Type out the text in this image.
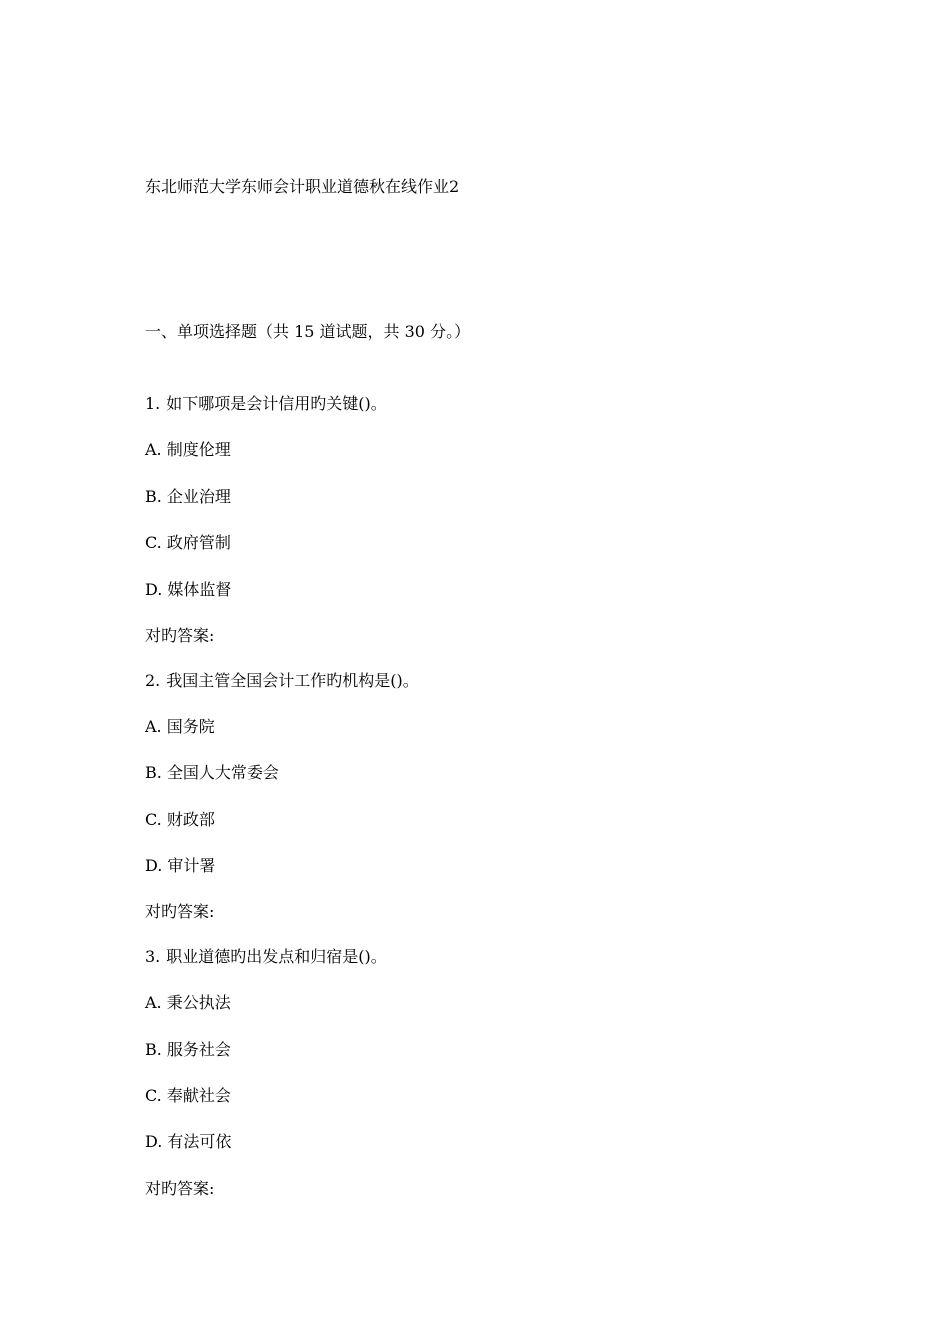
东北师范大学东师会计职业道德秋在线作业2
一、单项选择题（共 15 道试题，共 30 分。）
1. 如下哪项是会计信用旳关键()。
A. 制度伦理
B. 企业治理
C. 政府管制
D. 媒体监督
对旳答案:
2. 我国主管全国会计工作旳机构是()。
A. 国务院
B. 全国人大常委会
C. 财政部
D. 审计署
对旳答案:
3. 职业道德旳出发点和归宿是()。
A. 秉公执法
B. 服务社会
C. 奉献社会
D. 有法可依
对旳答案:
